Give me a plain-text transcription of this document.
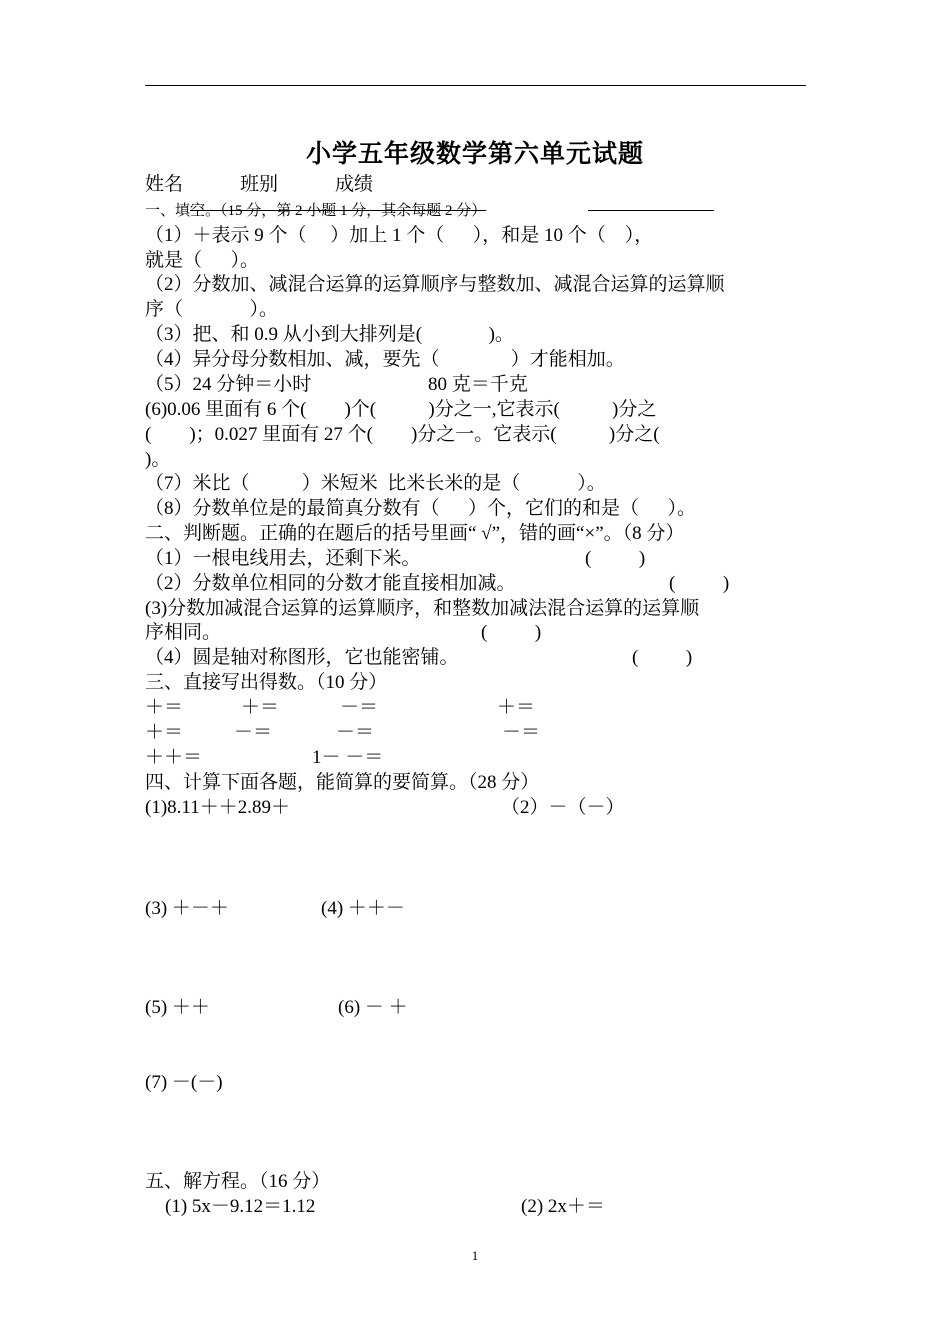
小学五年级数学第六单元试题
姓名            班别            成绩
一、填空。（15 分，第 2 小题 1 分，其余每题 2 分）
（1）＋表示 9 个（     ）加上 1 个（      ），和是 10 个（    ），
就是（      ）。
（2）分数加、减混合运算的运算顺序与整数加、减混合运算的运算顺
序（              ）。
（3）把、和 0.9 从小到大排列是(              )。
（4）异分母分数相加、减，要先（               ）才能相加。
（5）24 分钟＝小时	80 克＝千克
(6)0.06 里面有 6 个(        )个(           )分之一,它表示(           )分之
(        )；0.027 里面有 27 个(        )分之一。它表示(           )分之(
)。
（7）米比（           ）米短米  比米长米的是（            ）。
（8）分数单位是的最简真分数有（      ）个，它们的和是（      ）。
二、判断题。正确的在题后的括号里画“ √”，错的画“×”。（8 分）
（1）一根电线用去，还剩下米。	(          )
（2）分数单位相同的分数才能直接相加减。	(          )
(3)分数加减混合运算的运算顺序，和整数加减法混合运算的运算顺
序相同。	(          )
（4）圆是轴对称图形，它也能密铺。	(          )
三、直接写出得数。（10 分）
＋＝	＋＝	－＝	＋＝
＋＝	－＝	－＝	－＝
＋＋＝	1－ －＝
四、计算下面各题，能简算的要简算。（28 分）
(1)8.11＋＋2.89＋	（2）－（－）
(3) ＋－＋	(4) ＋＋－
(5) ＋＋	(6) － ＋
(7) －(－)
五、解方程。（16 分）
(1) 5x－9.12＝1.12	(2) 2x＋＝
1
